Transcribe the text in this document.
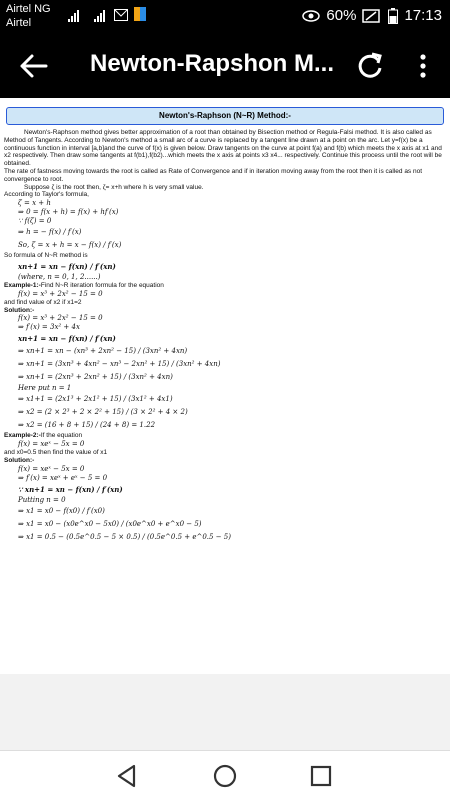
Airtel NG
Airtel	60%	17:13
Newton-Rapshon M...
Newton's-Raphson (N~R) Method:-

Newton's-Raphson method gives better approximation of a root than obtained by Bisection method or Regula-Falsi method. It is also called as Method of Tangents. According to Newton's method a small arc of a curve is replaced by a tangent line drawn at a point on the arc. Let y=f(x) be a continuous function in interval [a,b]and the curve of f(x) is given below. Draw tangents on the curve at point f(a) and f(b) which meets the x axis at x1 and x2 respectively. Then draw some tangents at f(b1),f(b2)...which meets the x axis at points x3 x4... respectively. Continue this process until the root will be obtained.

The rate of fastness moving towards the root is called as Rate of Convergence and if in iteration moving away from the root then it is called as not convergence to root.

Suppose ζ is the root then, ζ= x+h where h is very small value.

According to Taylor's formula,

ζ = x + h
⇒ 0 = f(x + h) = f(x) + hf′(x)
∵ f(ζ) = 0
⇒ h = − f(x) / f′(x)
So, ζ = x + h = x − f(x) / f′(x)

So formula of N~R method is

xn+1 = xn − f(xn) / f′(xn)
(where, n = 0, 1, 2......)

Example-1:-Find N~R iteration formula for the equation

f(x) = x³ + 2x² − 15 = 0

and find value of x2 if x1=2

Solution:-

f(x) = x³ + 2x² − 15 = 0
⇒ f′(x) = 3x² + 4x
xn+1 = xn − f(xn) / f′(xn)
⇒ xn+1 = xn − (xn³ + 2xn² − 15) / (3xn² + 4xn)
⇒ xn+1 = (3xn³ + 4xn² − xn³ − 2xn² + 15) / (3xn² + 4xn)
⇒ xn+1 = (2xn³ + 2xn² + 15) / (3xn² + 4xn)
Here put n = 1
⇒ x1+1 = (2x1³ + 2x1² + 15) / (3x1² + 4x1)
⇒ x2 = (2 × 2³ + 2 × 2² + 15) / (3 × 2² + 4 × 2)
⇒ x2 = (16 + 8 + 15) / (24 + 8) = 1.22

Example-2:-If the equation

f(x) = xeˣ − 5x = 0

and x0=0.5 then find the value of x1

Solution:-

f(x) = xeˣ − 5x = 0
⇒ f′(x) = xeˣ + eˣ − 5 = 0
∵ xn+1 = xn − f(xn) / f′(xn)
Putting n = 0
⇒ x1 = x0 − f(x0) / f′(x0)
⇒ x1 = x0 − (x0e^x0 − 5x0) / (x0e^x0 + e^x0 − 5)
⇒ x1 = 0.5 − (0.5e^0.5 − 5 × 0.5) / (0.5e^0.5 + e^0.5 − 5)
